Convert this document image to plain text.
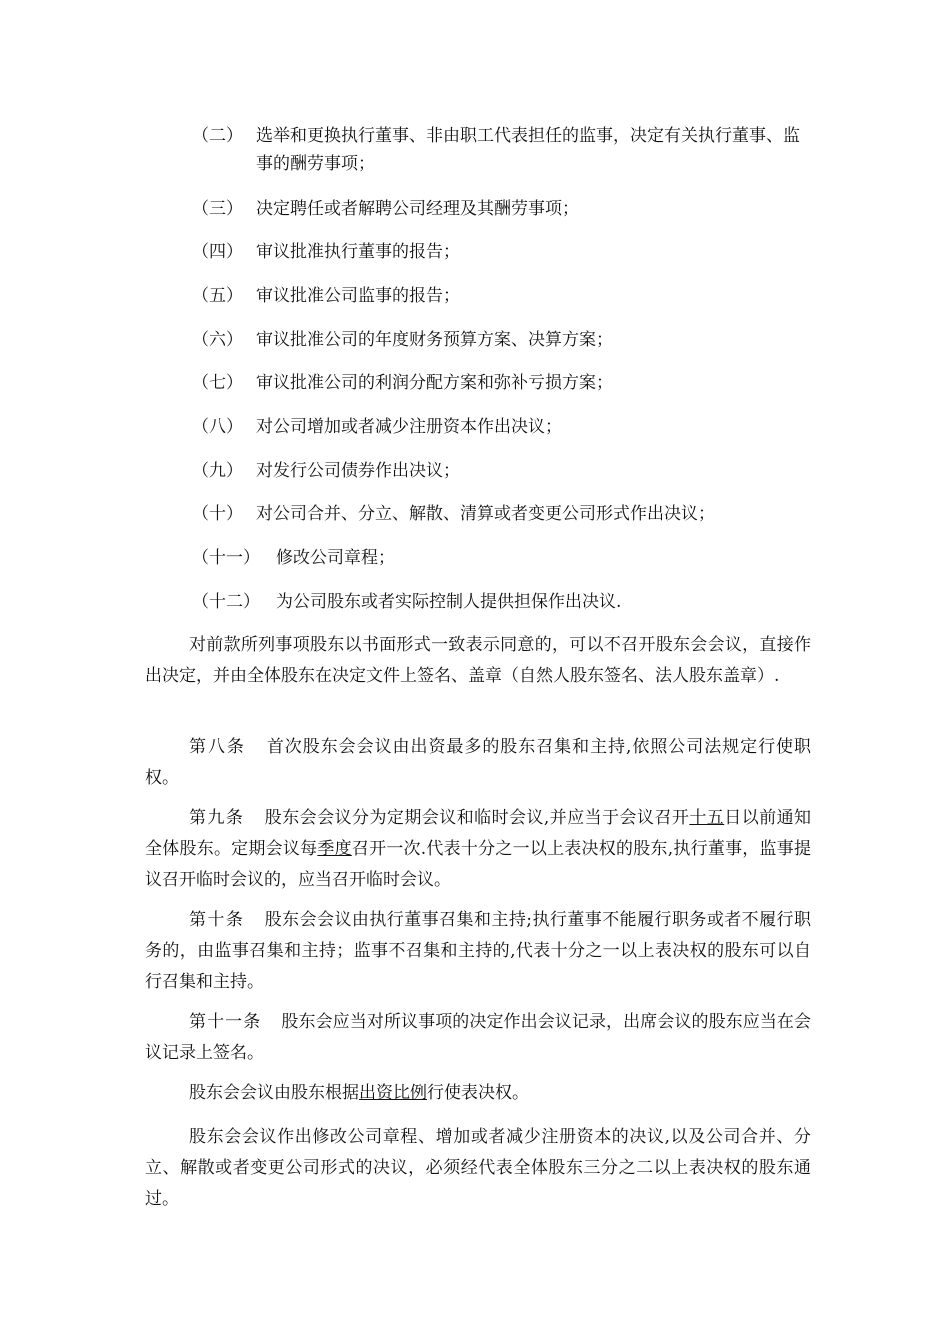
（二） 选举和更换执行董事、非由职工代表担任的监事，决定有关执行董事、监事的酬劳事项；
（三） 决定聘任或者解聘公司经理及其酬劳事项；
（四） 审议批准执行董事的报告；
（五） 审议批准公司监事的报告；
（六） 审议批准公司的年度财务预算方案、决算方案；
（七） 审议批准公司的利润分配方案和弥补亏损方案；
（八） 对公司增加或者减少注册资本作出决议；
（九） 对发行公司债券作出决议；
（十） 对公司合并、分立、解散、清算或者变更公司形式作出决议；
（十一） 修改公司章程；
（十二） 为公司股东或者实际控制人提供担保作出决议.
对前款所列事项股东以书面形式一致表示同意的，可以不召开股东会会议，直接作出决定，并由全体股东在决定文件上签名、盖章（自然人股东签名、法人股东盖章）.
第八条 首次股东会会议由出资最多的股东召集和主持,依照公司法规定行使职权。
第九条 股东会会议分为定期会议和临时会议,并应当于会议召开十五日以前通知全体股东。定期会议每季度召开一次.代表十分之一以上表决权的股东,执行董事，监事提议召开临时会议的，应当召开临时会议。
第十条 股东会会议由执行董事召集和主持;执行董事不能履行职务或者不履行职务的，由监事召集和主持；监事不召集和主持的,代表十分之一以上表决权的股东可以自行召集和主持。
第十一条 股东会应当对所议事项的决定作出会议记录，出席会议的股东应当在会议记录上签名。
股东会会议由股东根据出资比例行使表决权。
股东会会议作出修改公司章程、增加或者减少注册资本的决议,以及公司合并、分立、解散或者变更公司形式的决议，必须经代表全体股东三分之二以上表决权的股东通过。
